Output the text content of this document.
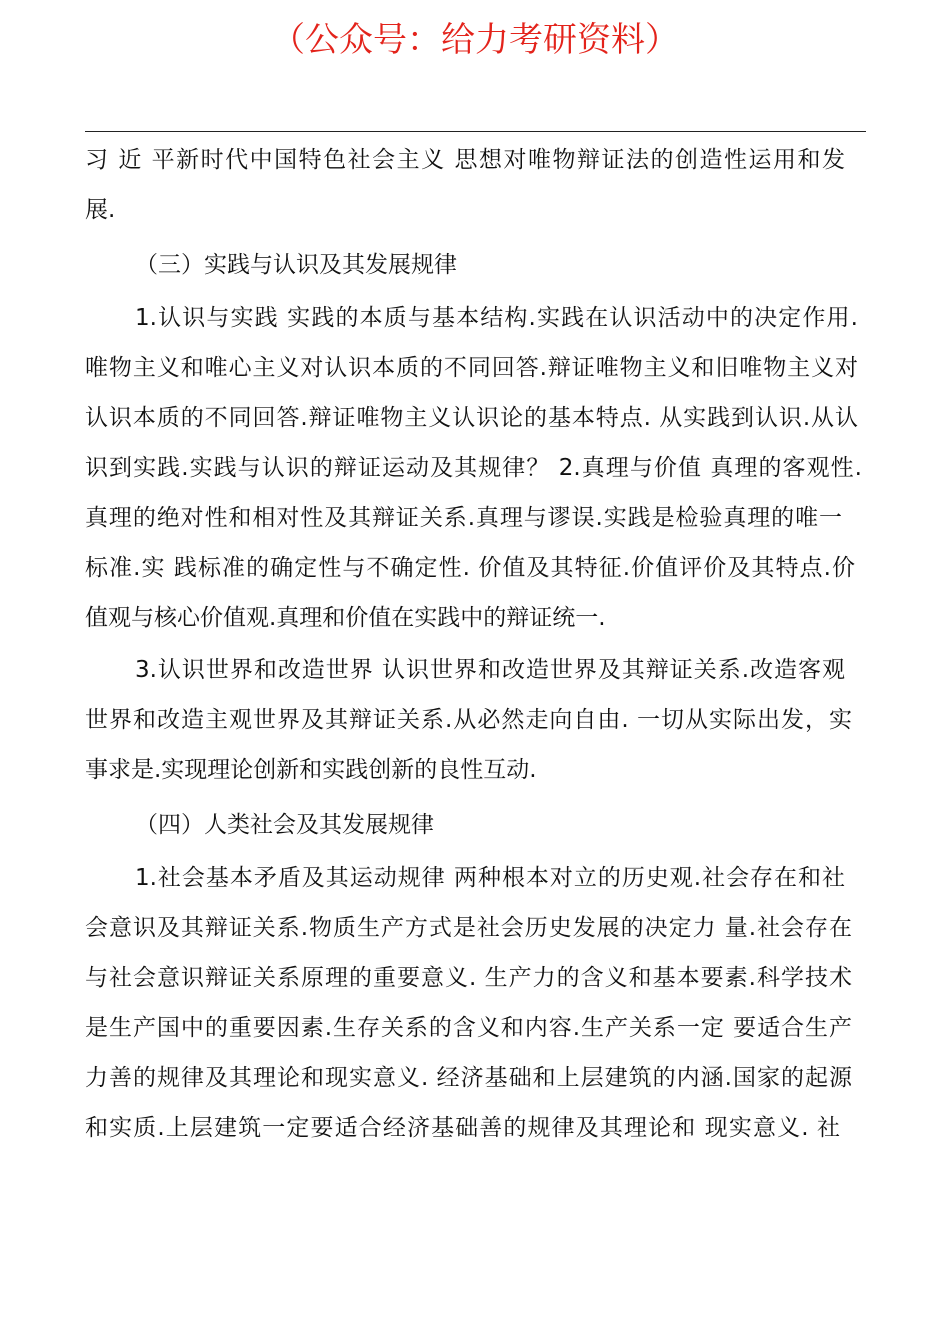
（公众号：给力考研资料）
习 近 平新时代中国特色社会主义 思想对唯物辩证法的创造性运用和发
展.
（三）实践与认识及其发展规律
1.认识与实践 实践的本质与基本结构.实践在认识活动中的决定作用.
唯物主义和唯心主义对认识本质的不同回答.辩证唯物主义和旧唯物主义对
认识本质的不同回答.辩证唯物主义认识论的基本特点. 从实践到认识.从认
识到实践.实践与认识的辩证运动及其规律？ 2.真理与价值 真理的客观性.
真理的绝对性和相对性及其辩证关系.真理与谬误.实践是检验真理的唯一
标准.实 践标准的确定性与不确定性. 价值及其特征.价值评价及其特点.价
值观与核心价值观.真理和价值在实践中的辩证统一.
3.认识世界和改造世界 认识世界和改造世界及其辩证关系.改造客观
世界和改造主观世界及其辩证关系.从必然走向自由. 一切从实际出发，实
事求是.实现理论创新和实践创新的良性互动.
（四）人类社会及其发展规律
1.社会基本矛盾及其运动规律 两种根本对立的历史观.社会存在和社
会意识及其辩证关系.物质生产方式是社会历史发展的决定力 量.社会存在
与社会意识辩证关系原理的重要意义. 生产力的含义和基本要素.科学技术
是生产国中的重要因素.生存关系的含义和内容.生产关系一定 要适合生产
力善的规律及其理论和现实意义. 经济基础和上层建筑的内涵.国家的起源
和实质.上层建筑一定要适合经济基础善的规律及其理论和 现实意义. 社
